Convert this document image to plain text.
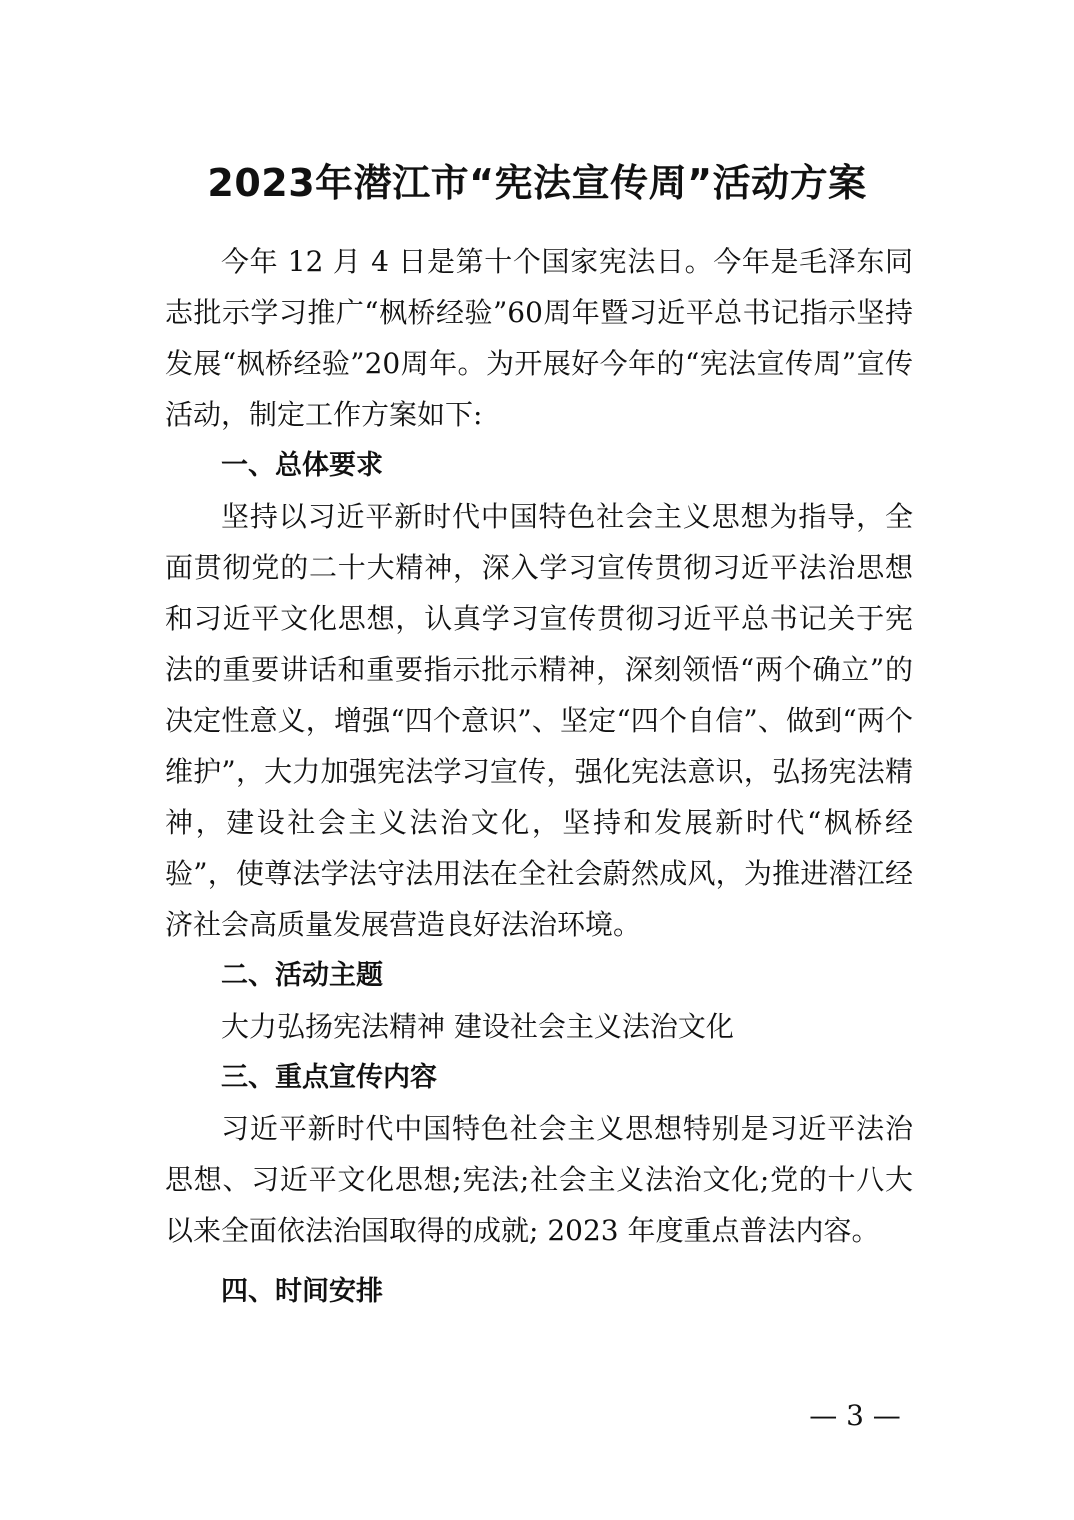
2023年潜江市“宪法宣传周”活动方案

今年 12 月 4 日是第十个国家宪法日。今年是毛泽东同志批示学习推广“枫桥经验”60周年暨习近平总书记指示坚持发展“枫桥经验”20周年。为开展好今年的“宪法宣传周”宣传活动，制定工作方案如下:

一、总体要求

坚持以习近平新时代中国特色社会主义思想为指导，全面贯彻党的二十大精神，深入学习宣传贯彻习近平法治思想和习近平文化思想，认真学习宣传贯彻习近平总书记关于宪法的重要讲话和重要指示批示精神，深刻领悟“两个确立”的决定性意义，增强“四个意识”、坚定“四个自信”、做到“两个维护”，大力加强宪法学习宣传，强化宪法意识，弘扬宪法精神，建设社会主义法治文化，坚持和发展新时代“枫桥经验”，使尊法学法守法用法在全社会蔚然成风，为推进潜江经济社会高质量发展营造良好法治环境。

二、活动主题

大力弘扬宪法精神 建设社会主义法治文化

三、重点宣传内容

习近平新时代中国特色社会主义思想特别是习近平法治思想、习近平文化思想;宪法;社会主义法治文化;党的十八大以来全面依法治国取得的成就; 2023 年度重点普法内容。

四、时间安排

— 3 —
